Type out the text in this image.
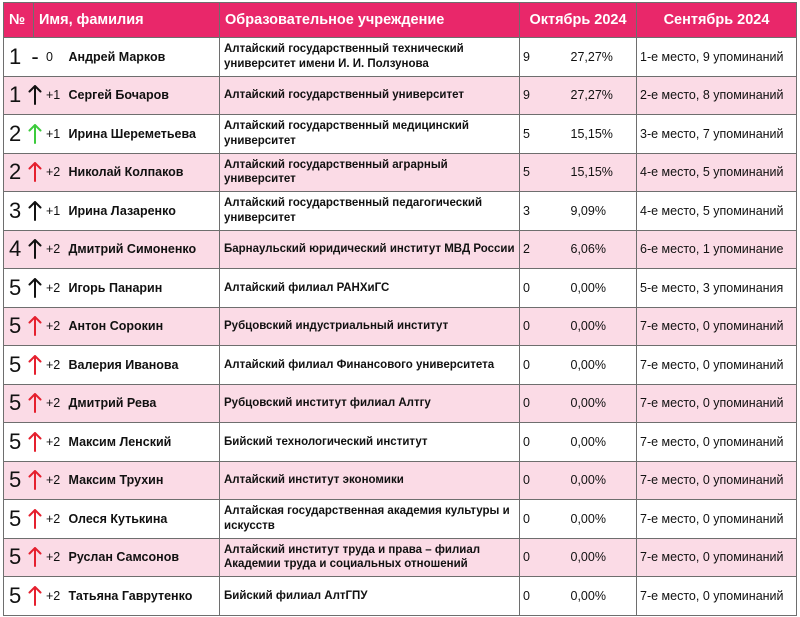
№	Имя, фамилия		Образовательное учреждение	Октябрь 2024		Сентябрь 2024

1 - 0		Андрей Марков	Алтайский государственный технический университет имени И. И. Ползунова	9	27,27%	1-е место, 9 упоминаний

1 +1		Сергей Бочаров	Алтайский государственный университет	9	27,27%	2-е место, 8 упоминаний

2 +1		Ирина Шереметьева	Алтайский государственный медицинский университет	5	15,15%	3-е место, 7 упоминаний

2 +2		Николай Колпаков	Алтайский государственный аграрный университет	5	15,15%	4-е место, 5 упоминаний

3 +1		Ирина Лазаренко	Алтайский государственный педагогический университет	3	9,09%	4-е место, 5 упоминаний

4 +2		Дмитрий Симоненко	Барнаульский юридический институт МВД России	2	6,06%	6-е место, 1 упоминание

5 +2		Игорь Панарин	Алтайский филиал РАНХиГС	0	0,00%	5-е место, 3 упоминания

5 +2		Антон Сорокин	Рубцовский индустриальный институт	0	0,00%	7-е место, 0 упоминаний

5 +2		Валерия Иванова	Алтайский филиал Финансового университета	0	0,00%	7-е место, 0 упоминаний

5 +2		Дмитрий Рева	Рубцовский институт филиал Алтгу	0	0,00%	7-е место, 0 упоминаний

5 +2		Максим Ленский	Бийский технологический институт	0	0,00%	7-е место, 0 упоминаний

5 +2		Максим Трухин	Алтайский институт экономики	0	0,00%	7-е место, 0 упоминаний

5 +2		Олеся Кутькина	Алтайская государственная академия культуры и искусств	0	0,00%	7-е место, 0 упоминаний

5 +2		Руслан Самсонов	Алтайский институт труда и права – филиал Академии труда и социальных отношений	0	0,00%	7-е место, 0 упоминаний

5 +2		Татьяна Гаврутенко	Бийский филиал АлтГПУ	0	0,00%	7-е место, 0 упоминаний
